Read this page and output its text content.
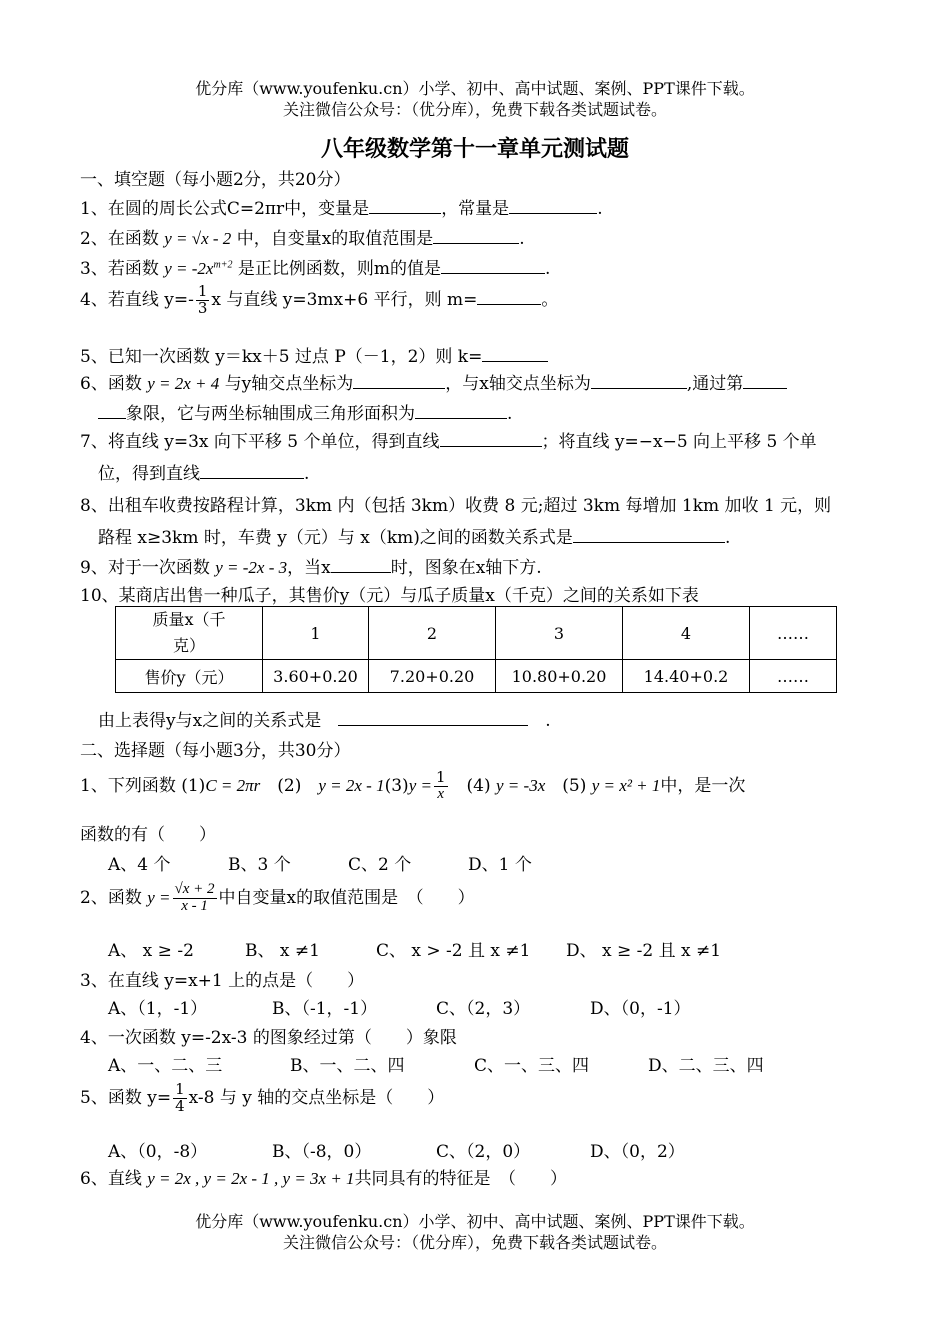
优分库（www.youfenku.cn）小学、初中、高中试题、案例、PPT课件下载。
关注微信公众号：（优分库），免费下载各类试题试卷。
八年级数学第十一章单元测试题
一、填空题（每小题2分，共20分）
1、在圆的周长公式C=2πr中，变量是	，常量是	.
2、在函数 y = √x - 2 中，自变量x的取值范围是	.
3、若函数 $y = -2x^{m+2}$ 是正比例函数，则m的值是	.
4、若直线 $y=- \frac{1}{3}$ x 与直线 y=3mx+6 平行，则 m=	。
5、已知一次函数 y＝kx＋5 过点 P（－1，2）则 k=
6、函数 y = 2x + 4 与y轴交点坐标为	，与x轴交点坐标为	,通过第
象限，它与两坐标轴围成三角形面积为	.
7、将直线 y=3x 向下平移 5 个单位，得到直线	；将直线 y=−x−5 向上平移 5 个单
位，得到直线	.
8、出租车收费按路程计算，3km 内（包括 3km）收费 8 元;超过 3km 每增加 1km 加收 1 元，则
路程 x≥3km 时，车费 y（元）与 x（km)之间的函数关系式是	.
9、对于一次函数 y = -2x - 3，当x	时，图象在x轴下方.
10、某商店出售一种瓜子，其售价y（元）与瓜子质量x（千克）之间的关系如下表
质量x（千
克）	1	2	3	4	……
售价y（元）	3.60+0.20	7.20+0.20	10.80+0.20	14.40+0.2	……
由上表得y与x之间的关系式是　　	.
二、选择题（每小题3分，共30分）
1、下列函数 (1)C = 2πr　 (2)　 $y = 2x - 1(3)y = \frac{1}{x}$
　 (4) y = -3x　 (5) y = x² + 1中，是一次
函数的有（　　）
A、4 个	B、3 个	C、2 个	D、1 个
2、函数 $y = \frac{√x + 2}{x - 1}$ 中自变量x的取值范围是　（　　）
A、 x ≥ -2	B、 x ≠1	C、 x > -2 且 x ≠1 D、 x ≥ -2 且 x ≠1
3、在直线 y=x+1 上的点是（　　）
A、（1，-1）	B、（-1，-1）	C、（2，3）	D、（0，-1）
4、一次函数 y=-2x-3 的图象经过第（　　）象限
A、一、二、三	B、一、二、四	C、一、三、四	D、二、三、四
5、函数 $y= \frac{1}{4} x-8$ 与 y 轴的交点坐标是（　　）
A、（0，-8）	B、（-8，0）	C、（2，0）	D、（0，2）
6、直线 y = 2x , y = 2x - 1 , y = 3x + 1共同具有的特征是　（　　）
优分库（www.youfenku.cn）小学、初中、高中试题、案例、PPT课件下载。
关注微信公众号：（优分库），免费下载各类试题试卷。
